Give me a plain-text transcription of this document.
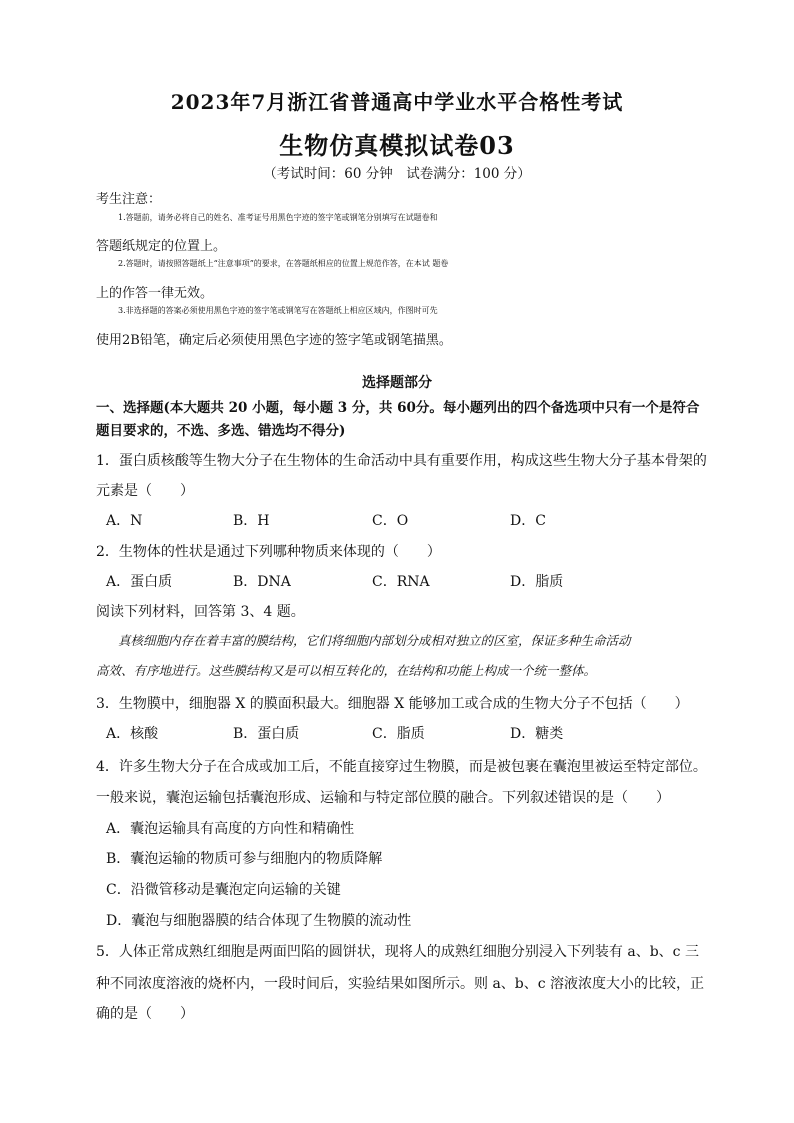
2023年7月浙江省普通高中学业水平合格性考试
生物仿真模拟试卷03
（考试时间：60 分钟　试卷满分：100 分）
考生注意：
1.答题前，请务必将自己的姓名、准考证号用黑色字迹的签字笔或钢笔分别填写在试题卷和
答题纸规定的位置上。
2.答题时，请按照答题纸上“注意事项”的要求，在答题纸相应的位置上规范作答，在本试 题卷
上的作答一律无效。
3.非选择题的答案必须使用黑色字迹的签字笔或钢笔写在答题纸上相应区域内，作图时可先
使用2B铅笔，确定后必须使用黑色字迹的签字笔或钢笔描黑。
选择题部分
一、选择题(本大题共 20 小题，每小题 3 分，共 60分。每小题列出的四个备选项中只有一个是符合
题目要求的，不选、多选、错选均不得分)
1．蛋白质核酸等生物大分子在生物体的生命活动中具有重要作用，构成这些生物大分子基本骨架的
元素是（　　）
A．N	B．H	C．O	D．C
2．生物体的性状是通过下列哪种物质来体现的（　　）
A．蛋白质	B．DNA	C．RNA	D．脂质
阅读下列材料，回答第 3、4 题。
真核细胞内存在着丰富的膜结构，它们将细胞内部划分成相对独立的区室，保证多种生命活动
高效、有序地进行。这些膜结构又是可以相互转化的，在结构和功能上构成一个统一整体。
3．生物膜中，细胞器 X 的膜面积最大。细胞器 X 能够加工或合成的生物大分子不包括（　　）
A．核酸	B．蛋白质	C．脂质	D．糖类
4．许多生物大分子在合成或加工后，不能直接穿过生物膜，而是被包裹在囊泡里被运至特定部位。
一般来说，囊泡运输包括囊泡形成、运输和与特定部位膜的融合。下列叙述错误的是（　　）
A．囊泡运输具有高度的方向性和精确性
B．囊泡运输的物质可参与细胞内的物质降解
C．沿微管移动是囊泡定向运输的关键
D．囊泡与细胞器膜的结合体现了生物膜的流动性
5．人体正常成熟红细胞是两面凹陷的圆饼状，现将人的成熟红细胞分别浸入下列装有 a、b、c 三
种不同浓度溶液的烧杯内，一段时间后，实验结果如图所示。则 a、b、c 溶液浓度大小的比较，正
确的是（　　）
